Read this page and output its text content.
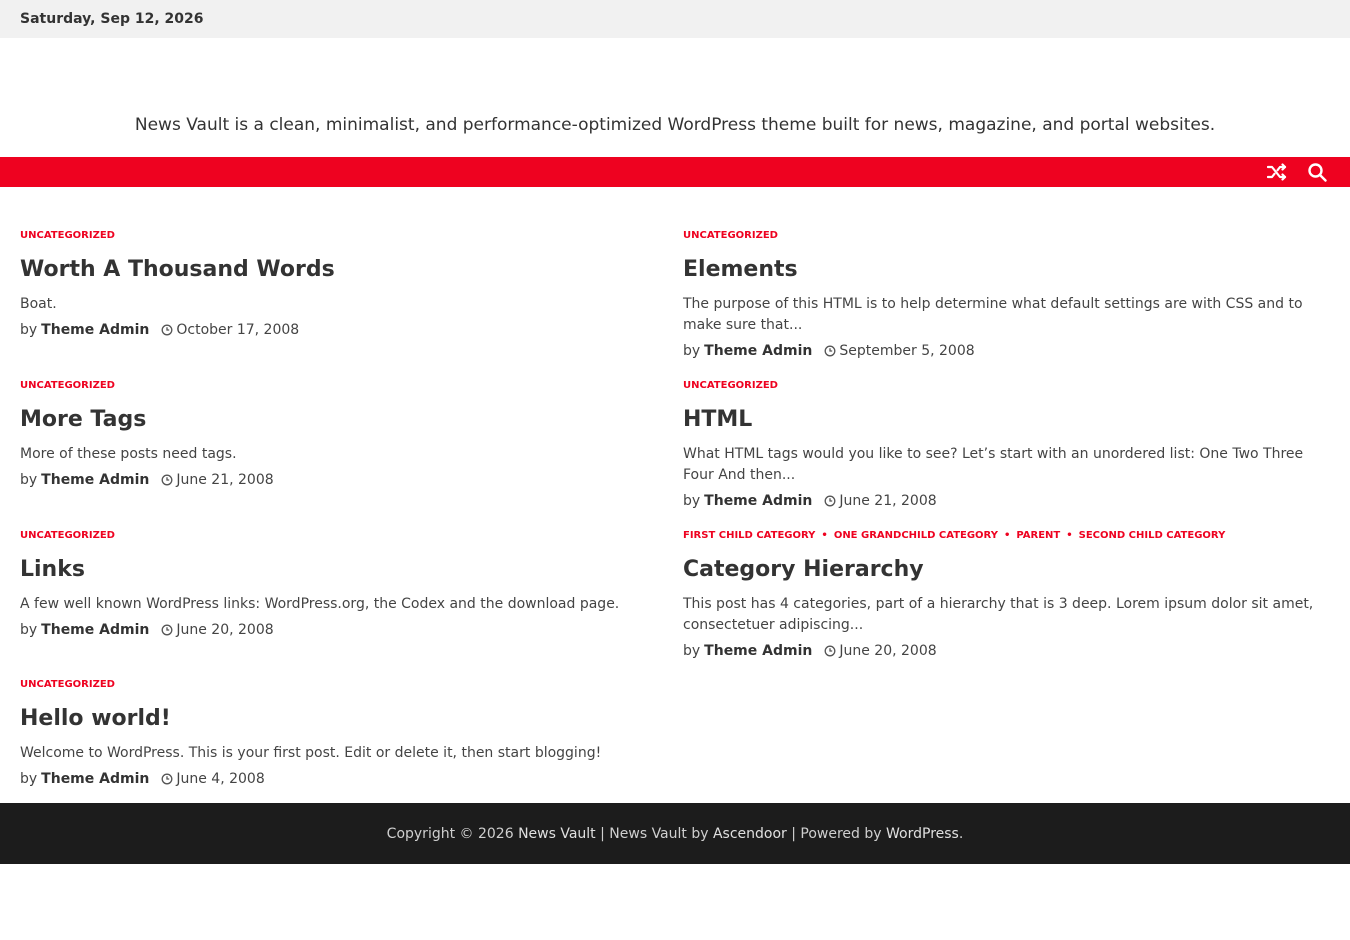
Saturday, Sep 12, 2026
News Vault is a clean, minimalist, and performance-optimized WordPress theme built for news, magazine, and portal websites.
UNCATEGORIZED
Worth A Thousand Words
Boat.
by Theme Admin October 17, 2008
UNCATEGORIZED
Elements
The purpose of this HTML is to help determine what default settings are with CSS and to make sure that...
by Theme Admin September 5, 2008
UNCATEGORIZED
More Tags
More of these posts need tags.
by Theme Admin June 21, 2008
UNCATEGORIZED
HTML
What HTML tags would you like to see? Let’s start with an unordered list: One Two Three Four And then...
by Theme Admin June 21, 2008
UNCATEGORIZED
Links
A few well known WordPress links: WordPress.org, the Codex and the download page.
by Theme Admin June 20, 2008
FIRST CHILD CATEGORY • ONE GRANDCHILD CATEGORY • PARENT • SECOND CHILD CATEGORY
Category Hierarchy
This post has 4 categories, part of a hierarchy that is 3 deep. Lorem ipsum dolor sit amet, consectetuer adipiscing...
by Theme Admin June 20, 2008
UNCATEGORIZED
Hello world!
Welcome to WordPress. This is your first post. Edit or delete it, then start blogging!
by Theme Admin June 4, 2008
Copyright © 2026 News Vault | News Vault by Ascendoor | Powered by WordPress .
